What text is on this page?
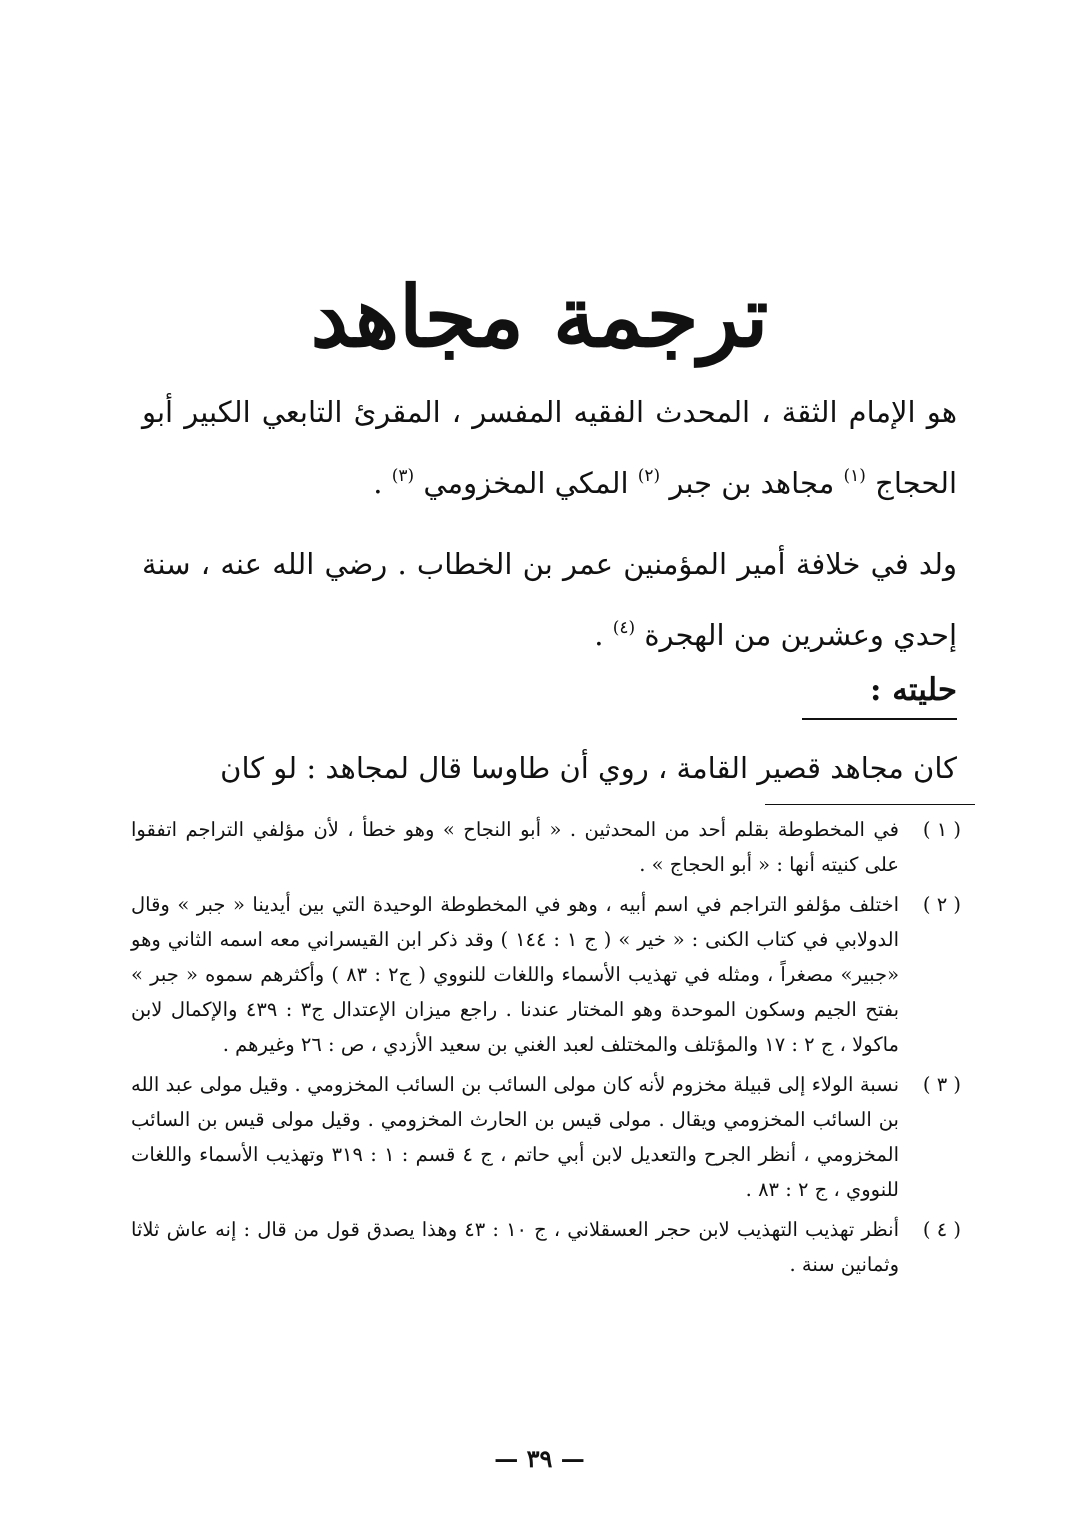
ترجمة مجاهد
هو الإمام الثقة ، المحدث الفقيه المفسر ، المقرئ التابعي الكبير أبو الحجاج $^{(١)}$ مجاهد بن جبر $^{(٢)}$ المكي المخزومي $^{(٣)}$ .
ولد في خلافة أمير المؤمنين عمر بن الخطاب . رضي الله عنه ، سنة إحدي وعشرين من الهجرة $^{(٤)}$ .
حليته :
كان مجاهد قصير القامة ، روي أن طاوسا قال لمجاهد : لو كان
( ١ )
في المخطوطة بقلم أحد من المحدثين . « أبو النجاح » وهو خطأ ، لأن مؤلفي التراجم اتفقوا على كنيته أنها : « أبو الحجاج » .
( ٢ )
اختلف مؤلفو التراجم في اسم أبيه ، وهو في المخطوطة الوحيدة التي بين أيدينا « جبر » وقال الدولابي في كتاب الكنى : « خير » ( ج ١ : ١٤٤ ) وقد ذكر ابن القيسراني معه اسمه الثاني وهو «جبير» مصغراً ، ومثله في تهذيب الأسماء واللغات للنووي ( ج٢ : ٨٣ ) وأكثرهم سموه « جبر » بفتح الجيم وسكون الموحدة وهو المختار عندنا . راجع ميزان الإعتدال ج٣ : ٤٣٩ والإكمال لابن ماكولا ، ج ٢ : ١٧ والمؤتلف والمختلف لعبد الغني بن سعيد الأزدي ، ص : ٢٦ وغيرهم .
( ٣ )
نسبة الولاء إلى قبيلة مخزوم لأنه كان مولى السائب بن السائب المخزومي . وقيل مولى عبد الله بن السائب المخزومي ويقال . مولى قيس بن الحارث المخزومي . وقيل مولى قيس بن السائب المخزومي ، أنظر الجرح والتعديل لابن أبي حاتم ، ج ٤ قسم : ١ : ٣١٩ وتهذيب الأسماء واللغات للنووي ، ج ٢ : ٨٣ .
( ٤ )
أنظر تهذيب التهذيب لابن حجر العسقلاني ، ج ١٠ : ٤٣ وهذا يصدق قول من قال : إنه عاش ثلاثا وثمانين سنة .
— ٣٩ —
